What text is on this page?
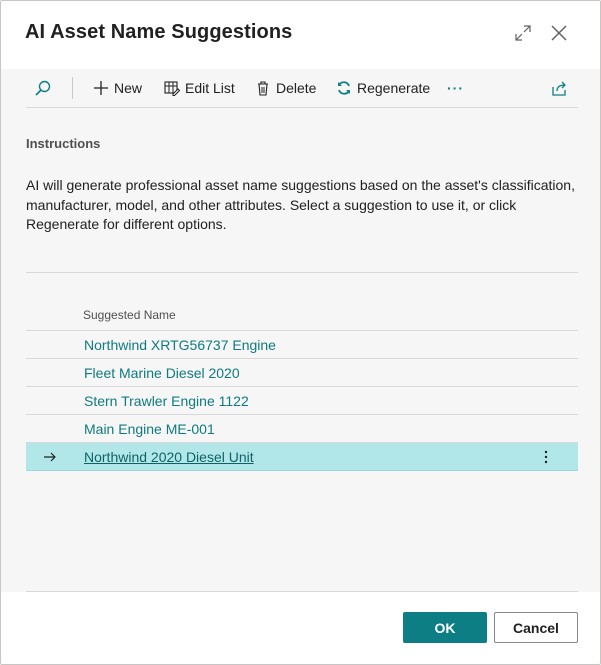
AI Asset Name Suggestions
New	Edit List	Delete	Regenerate ···
Instructions
AI will generate professional asset name suggestions based on the asset's classification, manufacturer, model, and other attributes. Select a suggestion to use it, or click Regenerate for different options.
Suggested Name
Northwind XRTG56737 Engine
Fleet Marine Diesel 2020
Stern Trawler Engine 1122
Main Engine ME-001
Northwind 2020 Diesel Unit
OK	Cancel
